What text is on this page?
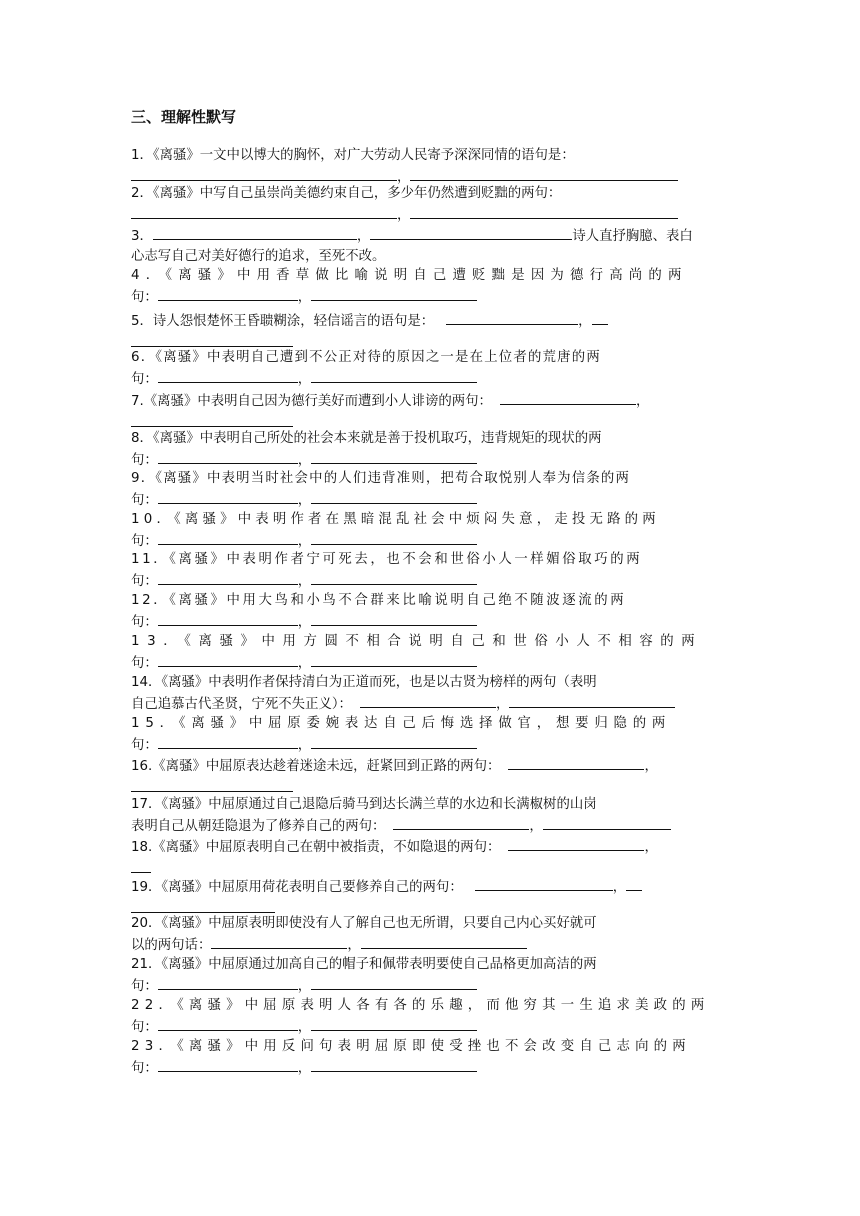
三、理解性默写
1．《离骚》一文中以博大的胸怀，对广大劳动人民寄予深深同情的语句是：
，
2．《离骚》中写自己虽崇尚美德约束自己，多少年仍然遭到贬黜的两句：
，
3．	，	诗人直抒胸臆、表白
心志写自己对美好德行的追求，至死不改。
4．《离骚》中用香草做比喻说明自己遭贬黜是因为德行高尚的两
句：	，
5．诗人怨恨楚怀王昏聩糊涂，轻信谣言的语句是：	，
6．《离骚》中表明自己遭到不公正对待的原因之一是在上位者的荒唐的两
句：	，
7.《离骚》中表明自己因为德行美好而遭到小人诽谤的两句：	，
8．《离骚》中表明自己所处的社会本来就是善于投机取巧，违背规矩的现状的两
句：	，
9．《离骚》中表明当时社会中的人们违背准则，把苟合取悦别人奉为信条的两
句：	，
10．《离骚》中表明作者在黑暗混乱社会中烦闷失意，走投无路的两
句：	，
11．《离骚》中表明作者宁可死去，也不会和世俗小人一样媚俗取巧的两
句：	，
12．《离骚》中用大鸟和小鸟不合群来比喻说明自己绝不随波逐流的两
句：	，
13．《离骚》中用方圆不相合说明自己和世俗小人不相容的两
句：	，
14．《离骚》中表明作者保持清白为正道而死，也是以古贤为榜样的两句（表明
自己追慕古代圣贤，宁死不失正义）：	，
15．《离骚》中屈原委婉表达自己后悔选择做官，想要归隐的两
句：	，
16.《离骚》中屈原表达趁着迷途未远，赶紧回到正路的两句：	，
17．《离骚》中屈原通过自己退隐后骑马到达长满兰草的水边和长满椒树的山岗
表明自己从朝廷隐退为了修养自己的两句：	，
18.《离骚》中屈原表明自己在朝中被指责，不如隐退的两句：	，
19．《离骚》中屈原用荷花表明自己要修养自己的两句：	，
20．《离骚》中屈原表明即使没有人了解自己也无所谓，只要自己内心买好就可
以的两句话：	，
21．《离骚》中屈原通过加高自己的帽子和佩带表明要使自己品格更加高洁的两
句：	，
22．《离骚》中屈原表明人各有各的乐趣，而他穷其一生追求美政的两
句：	，
23．《离骚》中用反问句表明屈原即使受挫也不会改变自己志向的两
句：	，
